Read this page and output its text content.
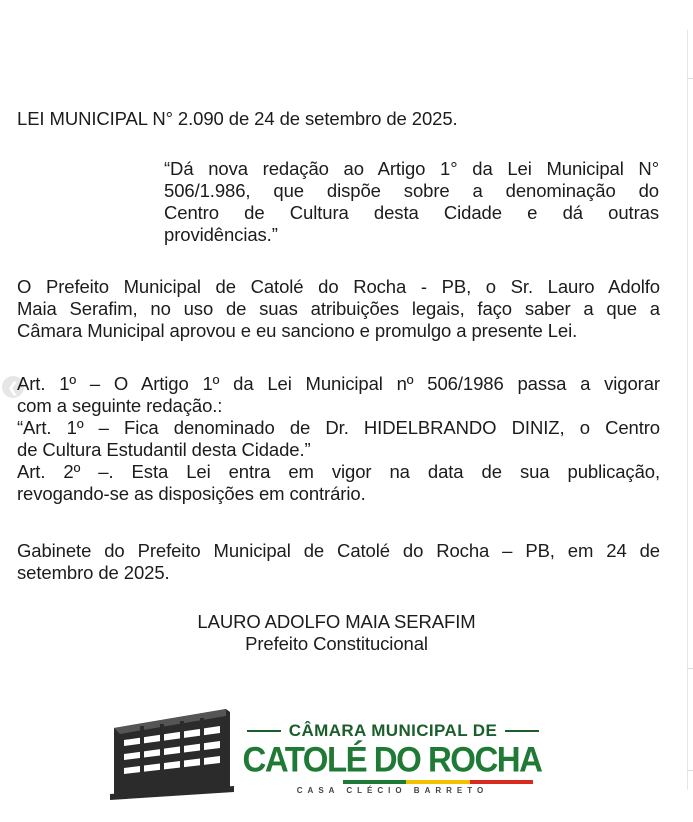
LEI MUNICIPAL N° 2.090 de 24 de setembro de 2025.
“Dá nova redação ao Artigo 1° da Lei Municipal N°
506/1.986, que dispõe sobre a denominação do
Centro de Cultura desta Cidade e dá outras
providências.”
O Prefeito Municipal de Catolé do Rocha - PB, o Sr. Lauro Adolfo
Maia Serafim, no uso de suas atribuições legais, faço saber a que a
Câmara Municipal aprovou e eu sanciono e promulgo a presente Lei.
❮
Art. 1º – O Artigo 1º da Lei Municipal nº 506/1986 passa a vigorar
com a seguinte redação.:
“Art. 1º – Fica denominado de Dr. HIDELBRANDO DINIZ, o Centro
de Cultura Estudantil desta Cidade.”
Art. 2º –. Esta Lei entra em vigor na data de sua publicação,
revogando-se as disposições em contrário.
Gabinete do Prefeito Municipal de Catolé do Rocha – PB, em 24 de
setembro de 2025.
LAURO ADOLFO MAIA SERAFIM
Prefeito Constitucional
CÂMARA MUNICIPAL DE
CATOLÉ DO ROCHA
CASA CLÉCIO BARRETO
